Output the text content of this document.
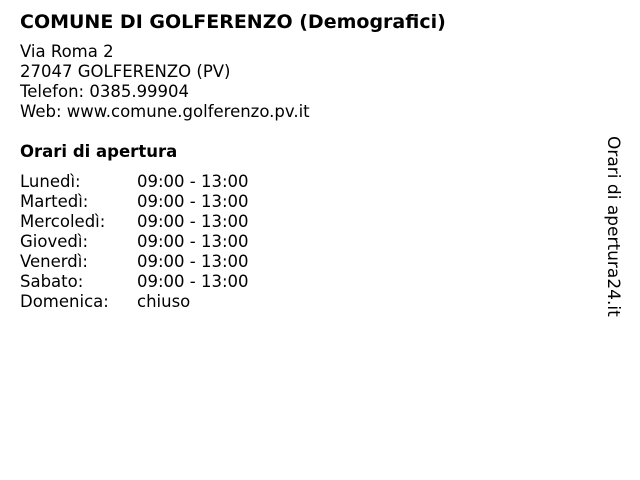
COMUNE DI GOLFERENZO (Demografici)
Via Roma 2
27047 GOLFERENZO (PV)
Telefon: 0385.99904
Web: www.comune.golferenzo.pv.it
Orari di apertura
Lunedì:	09:00 - 13:00
Martedì:	09:00 - 13:00
Mercoledì:	09:00 - 13:00
Giovedì:	09:00 - 13:00
Venerdì:	09:00 - 13:00
Sabato:	09:00 - 13:00
Domenica:	chiuso	Orari di apertura24.it
